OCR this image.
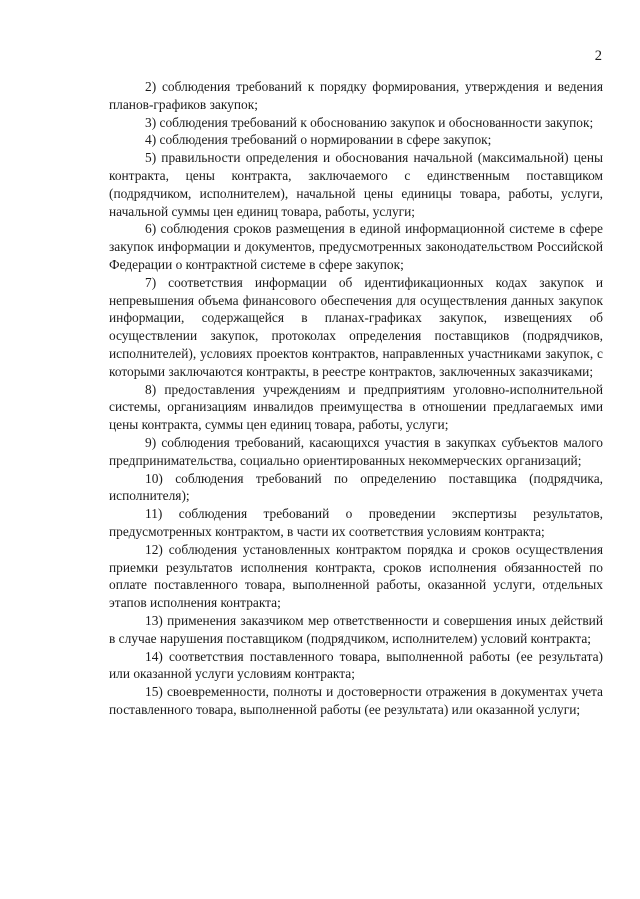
2

2) соблюдения требований к порядку формирования, утверждения и ведения планов-графиков закупок;

3) соблюдения требований к обоснованию закупок и обоснованности закупок;

4) соблюдения требований о нормировании в сфере закупок;

5) правильности определения и обоснования начальной (максимальной) цены контракта, цены контракта, заключаемого с единственным поставщиком (подрядчиком, исполнителем), начальной цены единицы товара, работы, услуги, начальной суммы цен единиц товара, работы, услуги;

6) соблюдения сроков размещения в единой информационной системе в сфере закупок информации и документов, предусмотренных законодательством Российской Федерации о контрактной системе в сфере закупок;

7) соответствия информации об идентификационных кодах закупок и непревышения объема финансового обеспечения для осуществления данных закупок информации, содержащейся в планах-графиках закупок, извещениях об осуществлении закупок, протоколах определения поставщиков (подрядчиков, исполнителей), условиях проектов контрактов, направленных участниками закупок, с которыми заключаются контракты, в реестре контрактов, заключенных заказчиками;

8) предоставления учреждениям и предприятиям уголовно-исполнительной системы, организациям инвалидов преимущества в отношении предлагаемых ими цены контракта, суммы цен единиц товара, работы, услуги;

9) соблюдения требований, касающихся участия в закупках субъектов малого предпринимательства, социально ориентированных некоммерческих организаций;

10) соблюдения требований по определению поставщика (подрядчика, исполнителя);

11) соблюдения требований о проведении экспертизы результатов, предусмотренных контрактом, в части их соответствия условиям контракта;

12) соблюдения установленных контрактом порядка и сроков осуществления приемки результатов исполнения контракта, сроков исполнения обязанностей по оплате поставленного товара, выполненной работы, оказанной услуги, отдельных этапов исполнения контракта;

13) применения заказчиком мер ответственности и совершения иных действий в случае нарушения поставщиком (подрядчиком, исполнителем) условий контракта;

14) соответствия поставленного товара, выполненной работы (ее результата) или оказанной услуги условиям контракта;

15) своевременности, полноты и достоверности отражения в документах учета поставленного товара, выполненной работы (ее результата) или оказанной услуги;
